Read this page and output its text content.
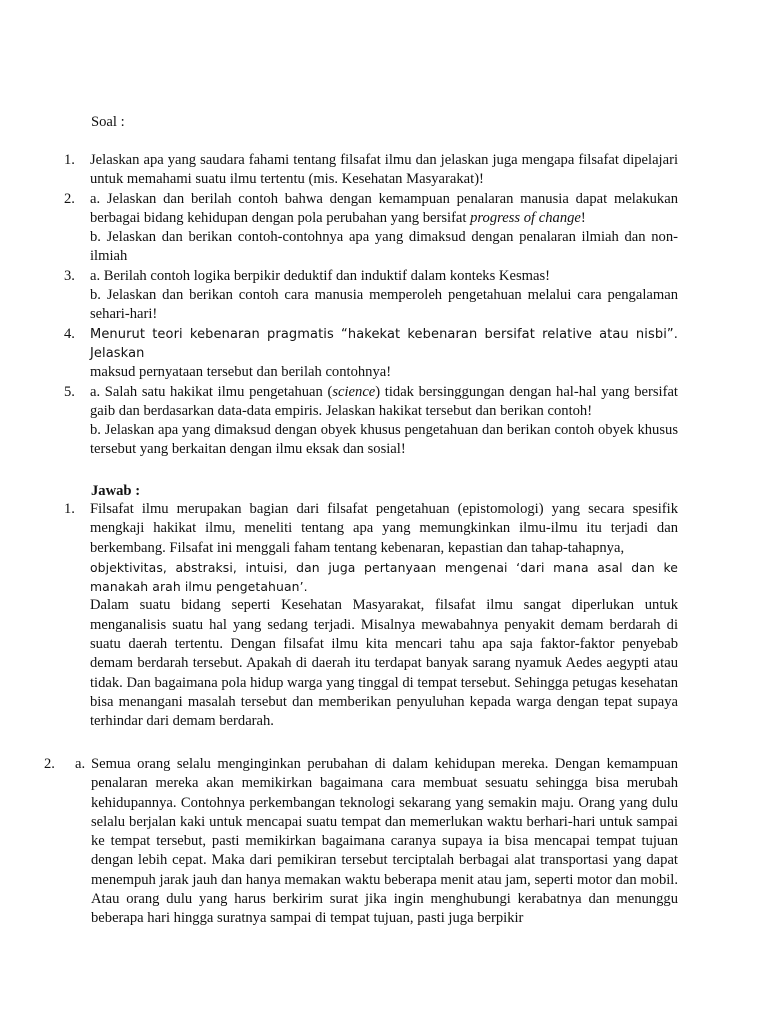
Soal :

1. Jelaskan apa yang saudara fahami tentang filsafat ilmu dan jelaskan juga mengapa filsafat dipelajari untuk memahami suatu ilmu tertentu (mis. Kesehatan Masyarakat)!

2. a. Jelaskan dan berilah contoh bahwa dengan kemampuan penalaran manusia dapat melakukan berbagai bidang kehidupan dengan pola perubahan yang bersifat progress of change!

b. Jelaskan dan berikan contoh-contohnya apa yang dimaksud dengan penalaran ilmiah dan non-ilmiah

3. a. Berilah contoh logika berpikir deduktif dan induktif dalam konteks Kesmas!

b. Jelaskan dan berikan contoh cara manusia memperoleh pengetahuan melalui cara pengalaman sehari-hari!

4. Menurut teori kebenaran pragmatis “hakekat kebenaran bersifat relative atau nisbi”. Jelaskan

maksud pernyataan tersebut dan berilah contohnya!

5. a. Salah satu hakikat ilmu pengetahuan (science) tidak bersinggungan dengan hal-hal yang bersifat gaib dan berdasarkan data-data empiris. Jelaskan hakikat tersebut dan berikan contoh!

b. Jelaskan apa yang dimaksud dengan obyek khusus pengetahuan dan berikan contoh obyek khusus tersebut yang berkaitan dengan ilmu eksak dan sosial!

Jawab :

1. Filsafat ilmu merupakan bagian dari filsafat pengetahuan (epistomologi) yang secara spesifik mengkaji hakikat ilmu, meneliti tentang apa yang memungkinkan ilmu-ilmu itu terjadi dan berkembang. Filsafat ini menggali faham tentang kebenaran, kepastian dan tahap-tahapnya,

objektivitas, abstraksi, intuisi, dan juga pertanyaan mengenai ‘dari mana asal dan ke manakah arah ilmu pengetahuan’.

Dalam suatu bidang seperti Kesehatan Masyarakat, filsafat ilmu sangat diperlukan untuk menganalisis suatu hal yang sedang terjadi. Misalnya mewabahnya penyakit demam berdarah di suatu daerah tertentu. Dengan filsafat ilmu kita mencari tahu apa saja faktor-faktor penyebab demam berdarah tersebut. Apakah di daerah itu terdapat banyak sarang nyamuk Aedes aegypti atau tidak. Dan bagaimana pola hidup warga yang tinggal di tempat tersebut. Sehingga petugas kesehatan bisa menangani masalah tersebut dan memberikan penyuluhan kepada warga dengan tepat supaya terhindar dari demam berdarah.

2. a. Semua orang selalu menginginkan perubahan di dalam kehidupan mereka. Dengan kemampuan penalaran mereka akan memikirkan bagaimana cara membuat sesuatu sehingga bisa merubah kehidupannya. Contohnya perkembangan teknologi sekarang yang semakin maju. Orang yang dulu selalu berjalan kaki untuk mencapai suatu tempat dan memerlukan waktu berhari-hari untuk sampai ke tempat tersebut, pasti memikirkan bagaimana caranya supaya ia bisa mencapai tempat tujuan dengan lebih cepat. Maka dari pemikiran tersebut terciptalah berbagai alat transportasi yang dapat menempuh jarak jauh dan hanya memakan waktu beberapa menit atau jam, seperti motor dan mobil. Atau orang dulu yang harus berkirim surat jika ingin menghubungi kerabatnya dan menunggu beberapa hari hingga suratnya sampai di tempat tujuan, pasti juga berpikir
